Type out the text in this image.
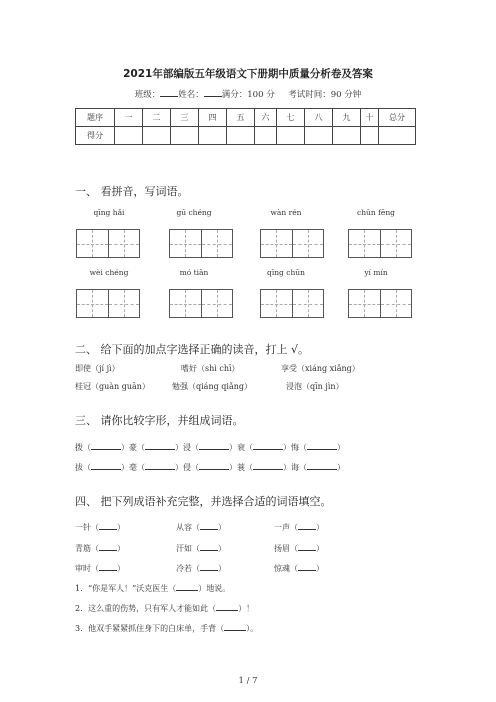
2021年部编版五年级语文下册期中质量分析卷及答案
班级： 姓名： 满分：100 分 考试时间：90 分钟
题序	一	二	三	四	五	六	七	八	九	十	总分
得分											
一、 看拼音，写词语。
qīng hǎi	gū chéng	wàn rén	chūn fēng
wèi chéng	mó tiān	qīng chūn	yí mín
二、 给下面的加点字选择正确的读音，打上 √。
即使（jí jì）	嗜好（shì chī）	享受（xiáng xiǎng）
桂冠（guàn guān）	勉强（qiáng qiǎng）	浸泡（qīn jìn）
三、 请你比较字形，并组成词语。
拨（	）豪（	）浸（	）衰（	）悔（	）
拔（	）毫（	）侵（	）蓑（	）诲（	）
四、 把下列成语补充完整，并选择合适的词语填空。
一针（ ）	从容（ ）	一声（ ）
青筋（ ）	汗如（ ）	扬眉（ ）
审时（ ）	冷若（ ）	惊魂（ ）
1．“你是军人！”沃克医生（	）地说。
2．这么重的伤势，只有军人才能如此（	）！
3．他双手紧紧抓住身下的白床单，手背（	）。
1 / 7
